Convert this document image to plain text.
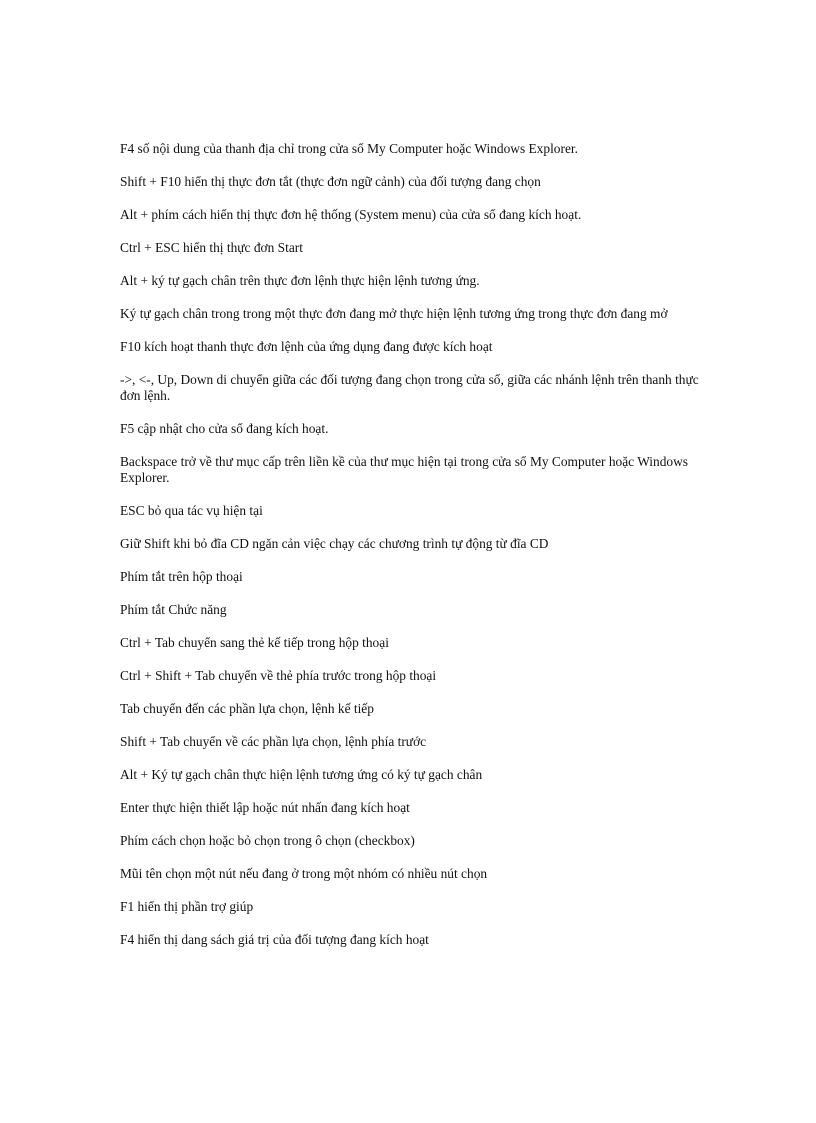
F4 số nội dung của thanh địa chỉ trong cửa sổ My Computer hoặc Windows Explorer.

Shift + F10 hiển thị thực đơn tắt (thực đơn ngữ cảnh) của đối tượng đang chọn

Alt + phím cách hiển thị thực đơn hệ thống (System menu) của cửa sổ đang kích hoạt.

Ctrl + ESC hiển thị thực đơn Start

Alt + ký tự gạch chân trên thực đơn lệnh thực hiện lệnh tương ứng.

Ký tự gạch chân trong trong một thực đơn đang mở thực hiện lệnh tương ứng trong thực đơn đang mở

F10 kích hoạt thanh thực đơn lệnh của ứng dụng đang được kích hoạt

->, <-, Up, Down di chuyển giữa các đối tượng đang chọn trong cửa sổ, giữa các nhánh lệnh trên thanh thực đơn lệnh.

F5 cập nhật cho cửa sổ đang kích hoạt.

Backspace trở về thư mục cấp trên liền kề của thư mục hiện tại trong cửa sổ My Computer hoặc Windows Explorer.

ESC bỏ qua tác vụ hiện tại

Giữ Shift khi bỏ đĩa CD ngăn cản việc chạy các chương trình tự động từ đĩa CD

Phím tắt trên hộp thoại

Phím tắt Chức năng

Ctrl + Tab chuyển sang thẻ kế tiếp trong hộp thoại

Ctrl + Shift + Tab chuyển về thẻ phía trước trong hộp thoại

Tab chuyển đến các phần lựa chọn, lệnh kế tiếp

Shift + Tab chuyển về các phần lựa chọn, lệnh phía trước

Alt + Ký tự gạch chân thực hiện lệnh tương ứng có ký tự gạch chân

Enter thực hiện thiết lập hoặc nút nhấn đang kích hoạt

Phím cách chọn hoặc bỏ chọn trong ô chọn (checkbox)

Mũi tên chọn một nút nếu đang ở trong một nhóm có nhiều nút chọn

F1 hiển thị phần trợ giúp

F4 hiển thị dang sách giá trị của đối tượng đang kích hoạt
